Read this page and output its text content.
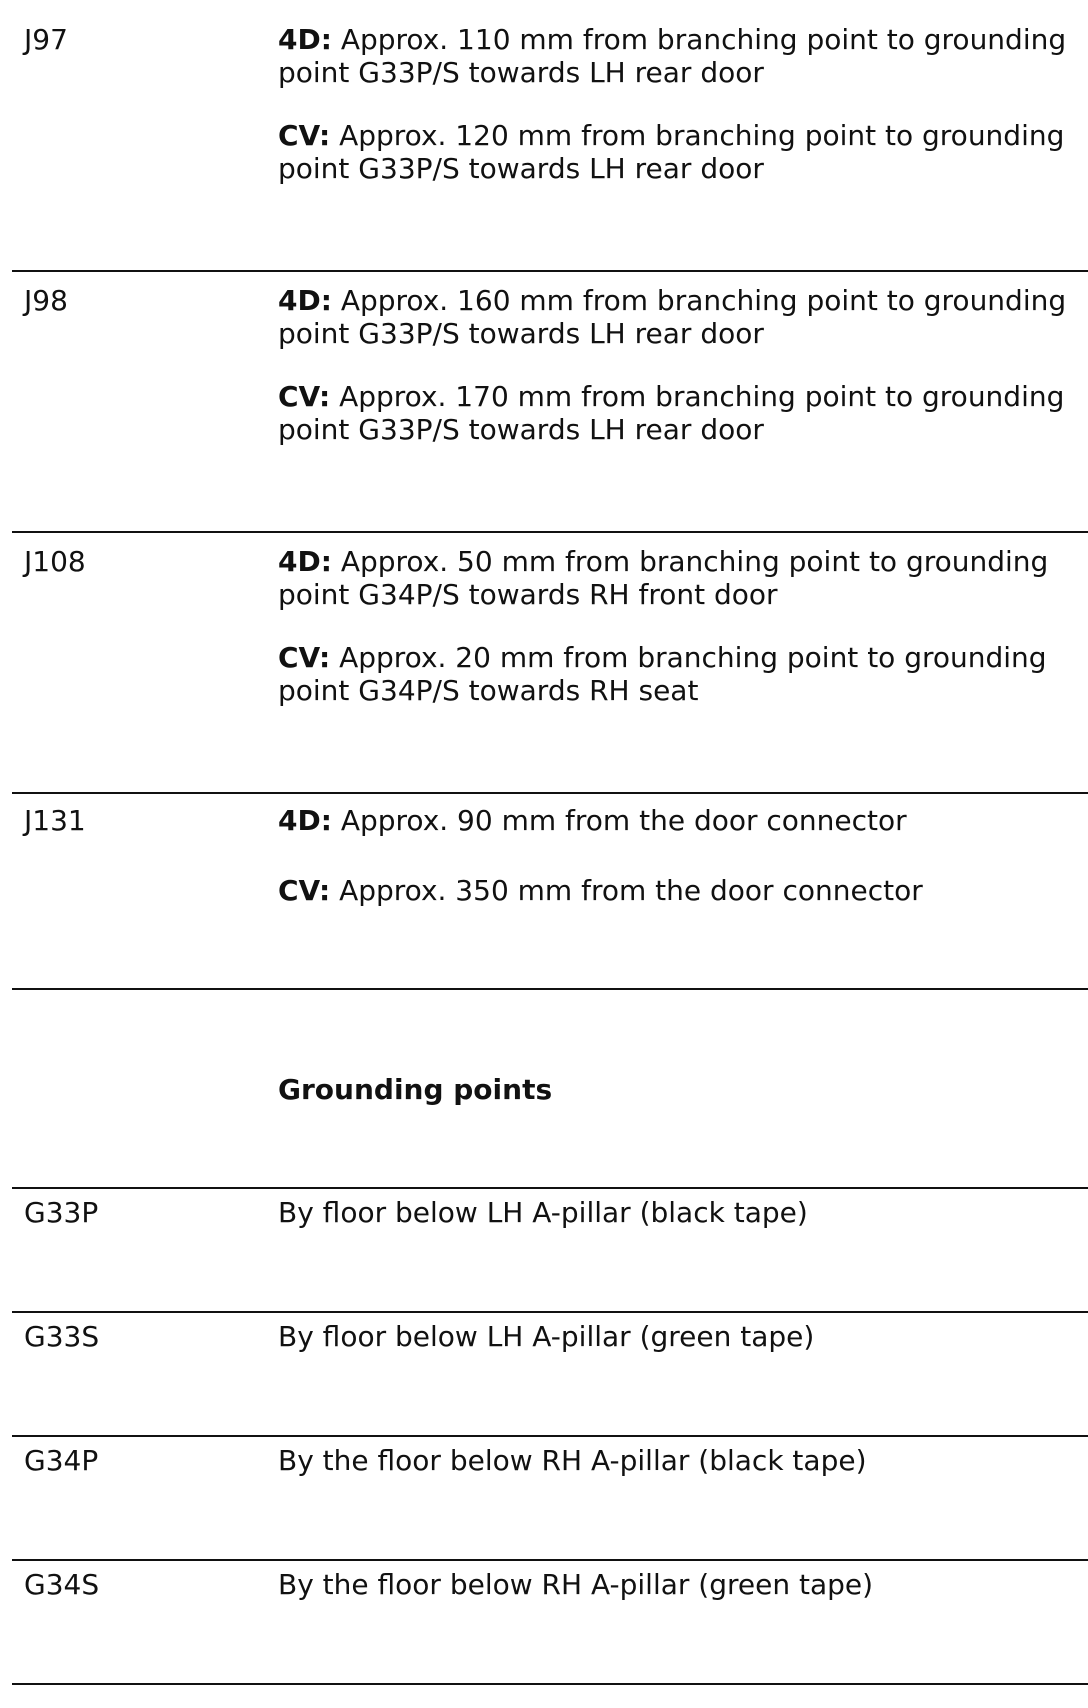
J97	4D: Approx. 110 mm from branching point to grounding point G33P/S towards LH rear door

CV: Approx. 120 mm from branching point to grounding point G33P/S towards LH rear door

J98	4D: Approx. 160 mm from branching point to grounding point G33P/S towards LH rear door

CV: Approx. 170 mm from branching point to grounding point G33P/S towards LH rear door

J108	4D: Approx. 50 mm from branching point to grounding point G34P/S towards RH front door

CV: Approx. 20 mm from branching point to grounding point G34P/S towards RH seat

J131	4D: Approx. 90 mm from the door connector

CV: Approx. 350 mm from the door connector

Grounding points
G33P	By floor below LH A-pillar (black tape)
G33S	By floor below LH A-pillar (green tape)
G34P	By the floor below RH A-pillar (black tape)
G34S	By the floor below RH A-pillar (green tape)
